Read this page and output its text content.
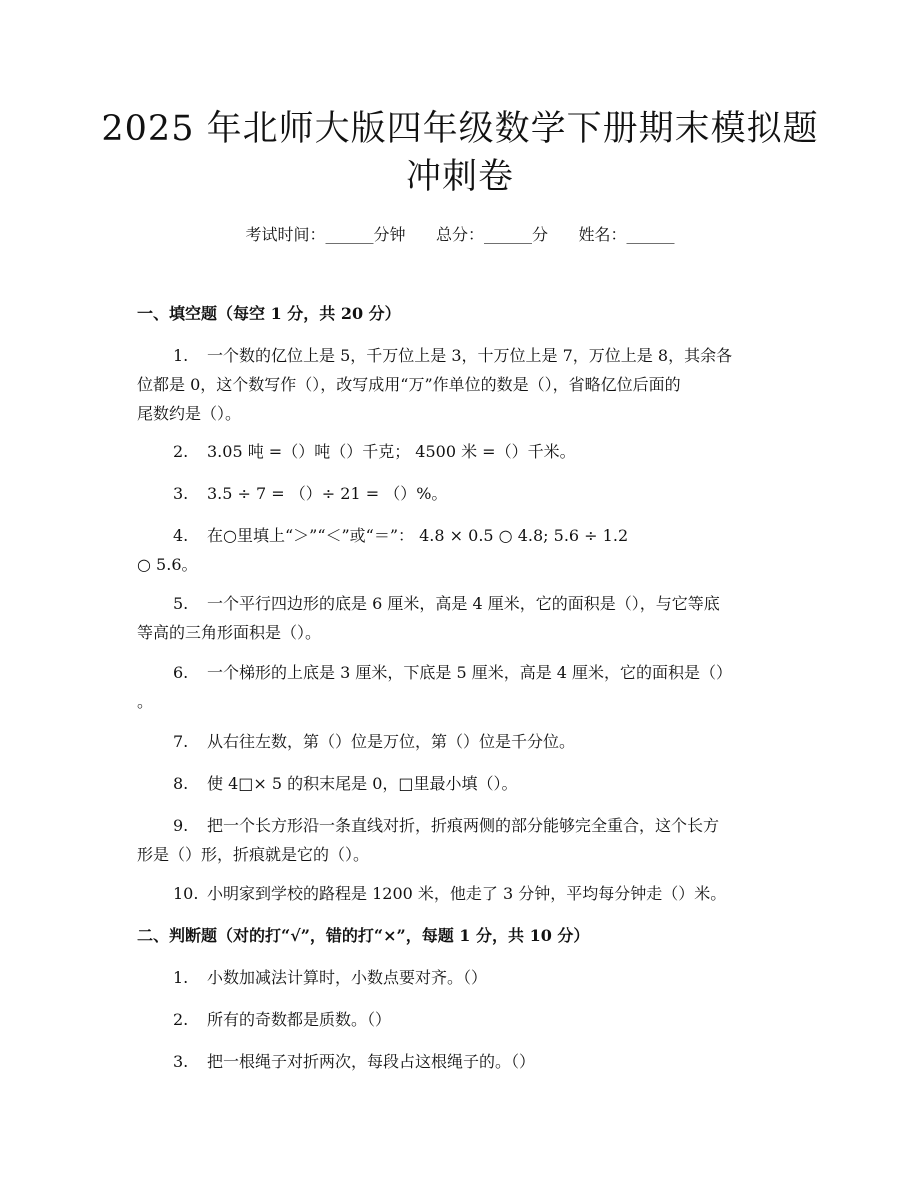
2025 年北师大版四年级数学下册期末模拟题
冲刺卷
考试时间：______分钟      总分：______分      姓名：______
一、填空题（每空 1 分，共 20 分）
1. 一个数的亿位上是 5，千万位上是 3，十万位上是 7，万位上是 8，其余各
位都是 0，这个数写作（），改写成用“万”作单位的数是（），省略亿位后面的
尾数约是（）。
2. 3.05 吨 =（）吨（）千克； 4500 米 =（）千米。
3. 3.5 ÷ 7 = （）÷ 21 = （）%。
4. 在○里填上“＞”“＜”或“＝”： 4.8 × 0.5 ○ 4.8; 5.6 ÷ 1.2
○ 5.6。
5. 一个平行四边形的底是 6 厘米，高是 4 厘米，它的面积是（），与它等底
等高的三角形面积是（）。
6. 一个梯形的上底是 3 厘米，下底是 5 厘米，高是 4 厘米，它的面积是（）
。
7. 从右往左数，第（）位是万位，第（）位是千分位。
8. 使 4□× 5 的积末尾是 0，□里最小填（）。
9. 把一个长方形沿一条直线对折，折痕两侧的部分能够完全重合，这个长方
形是（）形，折痕就是它的（）。
10. 小明家到学校的路程是 1200 米，他走了 3 分钟，平均每分钟走（）米。
二、判断题（对的打“√”，错的打“×”，每题 1 分，共 10 分）
1. 小数加减法计算时，小数点要对齐。（）
2. 所有的奇数都是质数。（）
3. 把一根绳子对折两次，每段占这根绳子的。（）
